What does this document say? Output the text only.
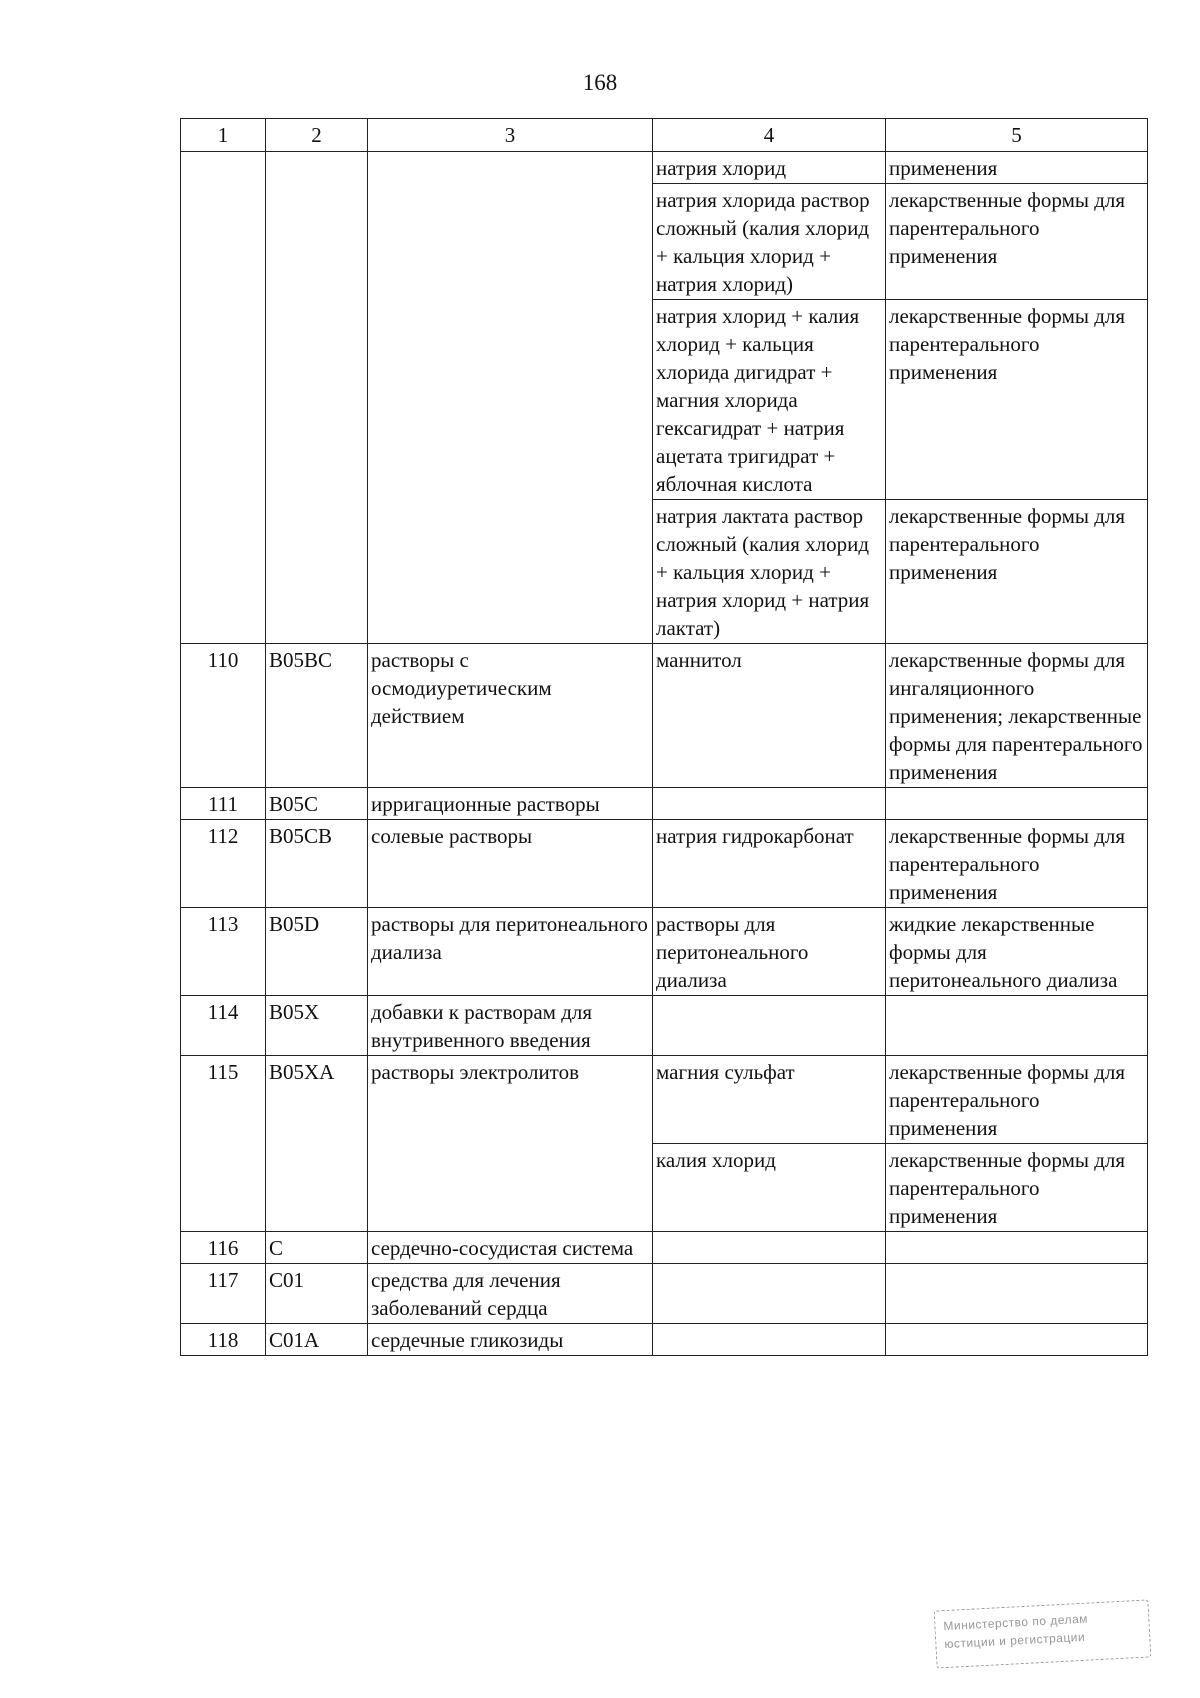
168
1	2	3	4	5
			натрия хлорид	применения
			натрия хлорида раствор сложный (калия хлорид + кальция хлорид + натрия хлорид)	лекарственные формы для парентерального применения
			натрия хлорид + калия хлорид + кальция хлорида дигидрат + магния хлорида гексагидрат + натрия ацетата тригидрат + яблочная кислота	лекарственные формы для парентерального применения
			натрия лактата раствор сложный (калия хлорид + кальция хлорид + натрия хлорид + натрия лактат)	лекарственные формы для парентерального применения
110	B05BC	растворы с осмодиуретическим действием	маннитол	лекарственные формы для ингаляционного применения; лекарственные формы для парентерального применения
111	B05C	ирригационные растворы		
112	B05CB	солевые растворы	натрия гидрокарбонат	лекарственные формы для парентерального применения
113	B05D	растворы для перитонеального диализа	растворы для перитонеального диализа	жидкие лекарственные формы для перитонеального диализа
114	B05X	добавки к растворам для внутривенного введения		
115	B05XA	растворы электролитов	магния сульфат	лекарственные формы для парентерального применения
			калия хлорид	лекарственные формы для парентерального применения
116	C	сердечно-сосудистая система		
117	C01	средства для лечения заболеваний сердца		
118	C01A	сердечные гликозиды		
Министерство по делам
юстиции и регистрации
